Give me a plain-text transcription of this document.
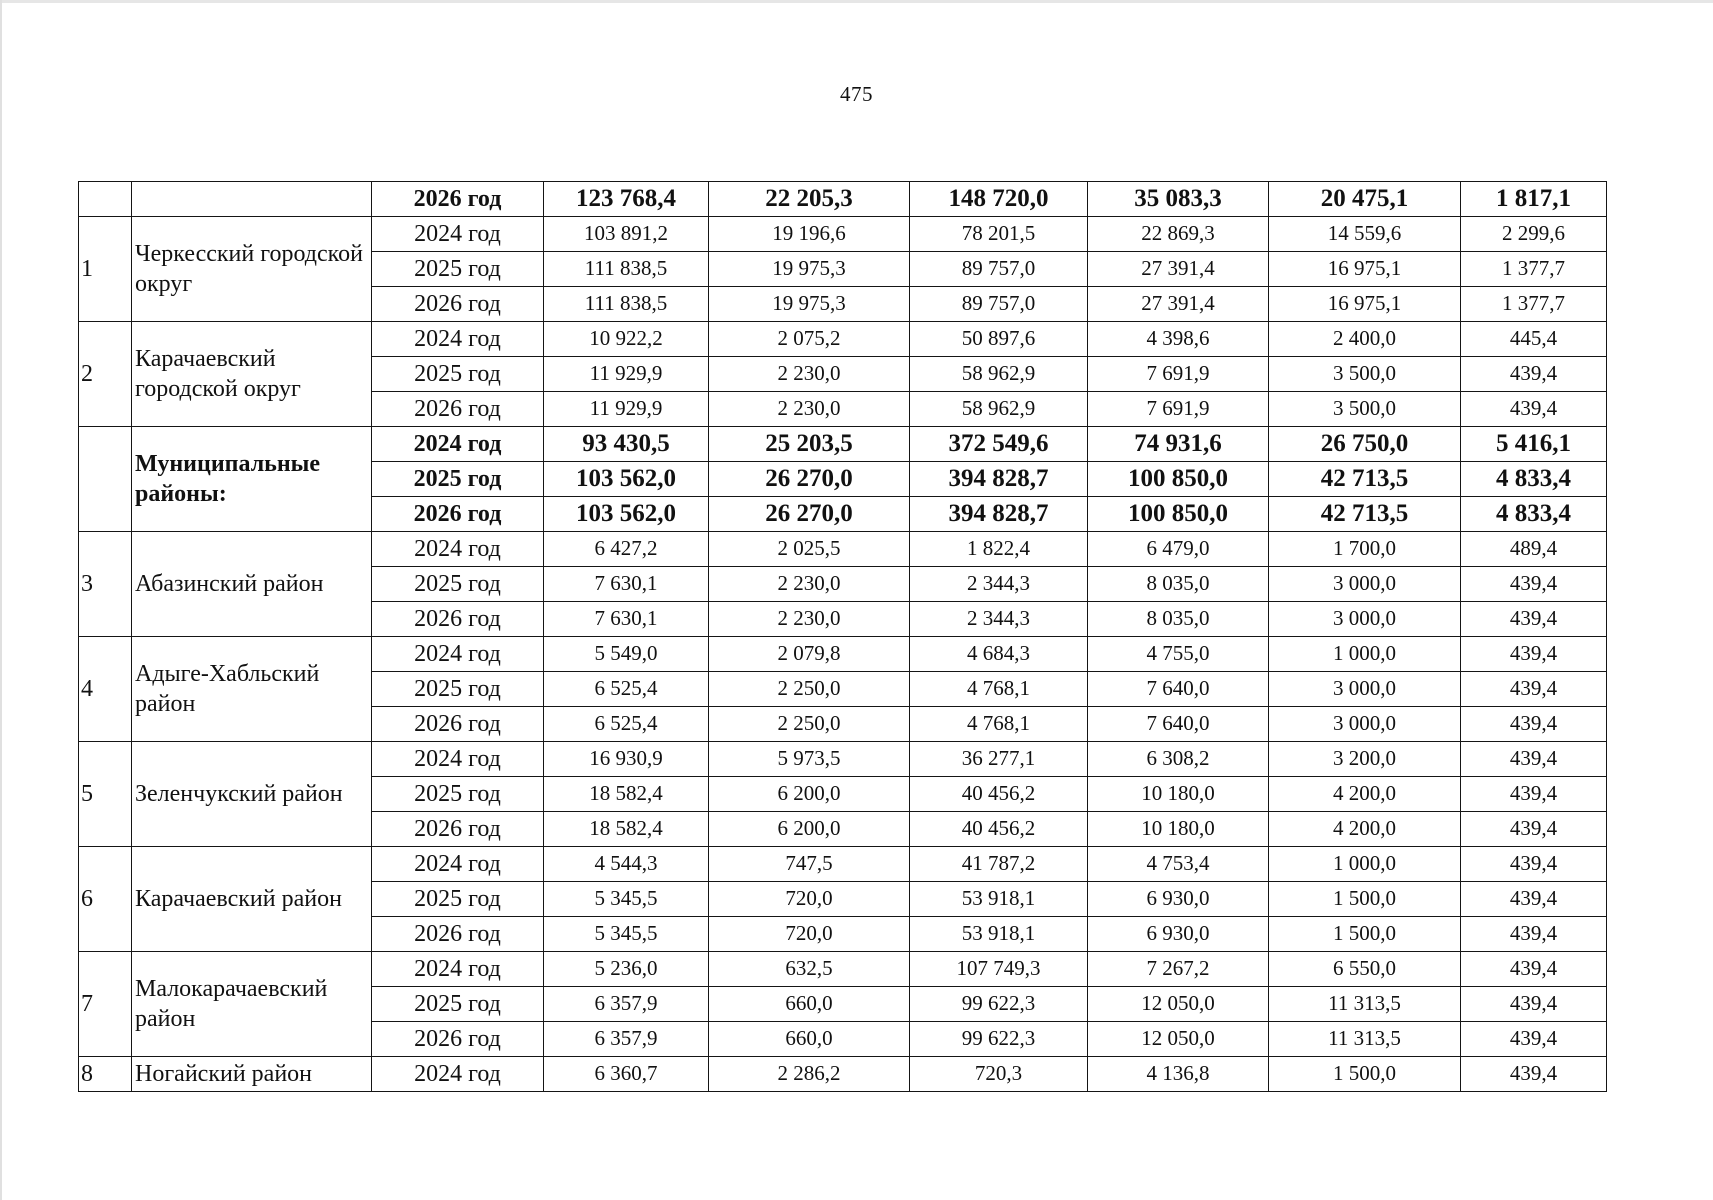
475
		2026 год	123 768,4	22 205,3	148 720,0	35 083,3	20 475,1	1 817,1
1	Черкесский городской округ	2024 год	103 891,2	19 196,6	78 201,5	22 869,3	14 559,6	2 299,6
		2025 год	111 838,5	19 975,3	89 757,0	27 391,4	16 975,1	1 377,7
		2026 год	111 838,5	19 975,3	89 757,0	27 391,4	16 975,1	1 377,7
2	Карачаевский городской округ	2024 год	10 922,2	2 075,2	50 897,6	4 398,6	2 400,0	445,4
		2025 год	11 929,9	2 230,0	58 962,9	7 691,9	3 500,0	439,4
		2026 год	11 929,9	2 230,0	58 962,9	7 691,9	3 500,0	439,4
	Муниципальные районы:	2024 год	93 430,5	25 203,5	372 549,6	74 931,6	26 750,0	5 416,1
		2025 год	103 562,0	26 270,0	394 828,7	100 850,0	42 713,5	4 833,4
		2026 год	103 562,0	26 270,0	394 828,7	100 850,0	42 713,5	4 833,4
3	Абазинский район	2024 год	6 427,2	2 025,5	1 822,4	6 479,0	1 700,0	489,4
		2025 год	7 630,1	2 230,0	2 344,3	8 035,0	3 000,0	439,4
		2026 год	7 630,1	2 230,0	2 344,3	8 035,0	3 000,0	439,4
4	Адыге-Хабльский район	2024 год	5 549,0	2 079,8	4 684,3	4 755,0	1 000,0	439,4
		2025 год	6 525,4	2 250,0	4 768,1	7 640,0	3 000,0	439,4
		2026 год	6 525,4	2 250,0	4 768,1	7 640,0	3 000,0	439,4
5	Зеленчукский район	2024 год	16 930,9	5 973,5	36 277,1	6 308,2	3 200,0	439,4
		2025 год	18 582,4	6 200,0	40 456,2	10 180,0	4 200,0	439,4
		2026 год	18 582,4	6 200,0	40 456,2	10 180,0	4 200,0	439,4
6	Карачаевский район	2024 год	4 544,3	747,5	41 787,2	4 753,4	1 000,0	439,4
		2025 год	5 345,5	720,0	53 918,1	6 930,0	1 500,0	439,4
		2026 год	5 345,5	720,0	53 918,1	6 930,0	1 500,0	439,4
7	Малокарачаевский район	2024 год	5 236,0	632,5	107 749,3	7 267,2	6 550,0	439,4
		2025 год	6 357,9	660,0	99 622,3	12 050,0	11 313,5	439,4
		2026 год	6 357,9	660,0	99 622,3	12 050,0	11 313,5	439,4
8	Ногайский район	2024 год	6 360,7	2 286,2	720,3	4 136,8	1 500,0	439,4
